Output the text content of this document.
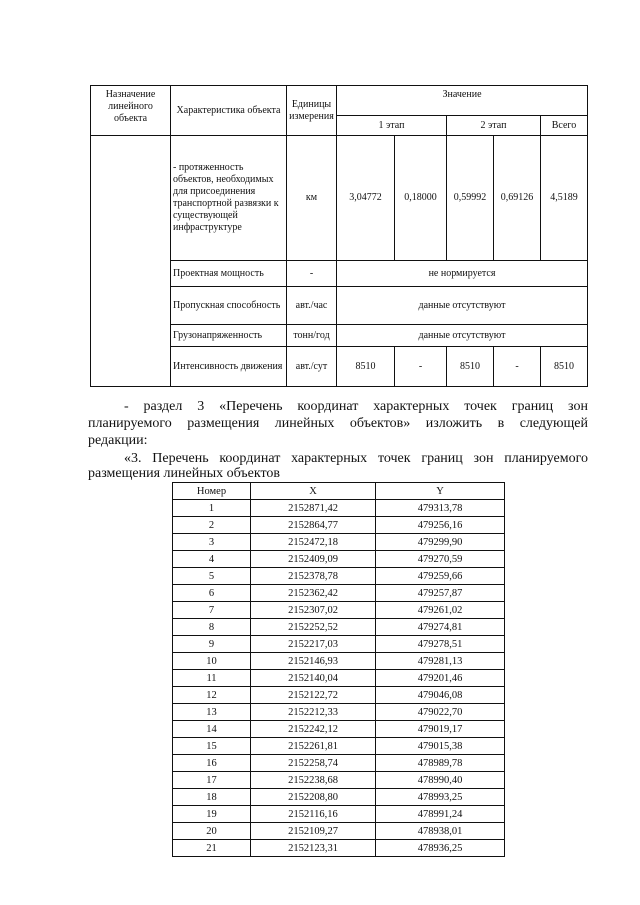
Назначение линейного объекта	Характеристика объекта	Единицы измерения	Значение				
			1 этап		2 этап		Всего
	- протяженность объектов, необходимых для присоединения транспортной развязки к существующей инфраструктуре	км	3,04772	0,18000	0,59992	0,69126	4,5189
	Проектная мощность	-	не нормируется				
	Пропускная способность	авт./час	данные отсутствуют				
	Грузонапряженность	тонн/год	данные отсутствуют				
	Интенсивность движения	авт./сут	8510	-	8510	-	8510

- раздел 3 «Перечень координат характерных точек границ зон
планируемого размещения линейных объектов» изложить в следующей
редакции:

«3. Перечень координат характерных точек границ зон планируемого
размещения линейных объектов

Номер	X	Y
1	2152871,42	479313,78
2	2152864,77	479256,16
3	2152472,18	479299,90
4	2152409,09	479270,59
5	2152378,78	479259,66
6	2152362,42	479257,87
7	2152307,02	479261,02
8	2152252,52	479274,81
9	2152217,03	479278,51
10	2152146,93	479281,13
11	2152140,04	479201,46
12	2152122,72	479046,08
13	2152212,33	479022,70
14	2152242,12	479019,17
15	2152261,81	479015,38
16	2152258,74	478989,78
17	2152238,68	478990,40
18	2152208,80	478993,25
19	2152116,16	478991,24
20	2152109,27	478938,01
21	2152123,31	478936,25
